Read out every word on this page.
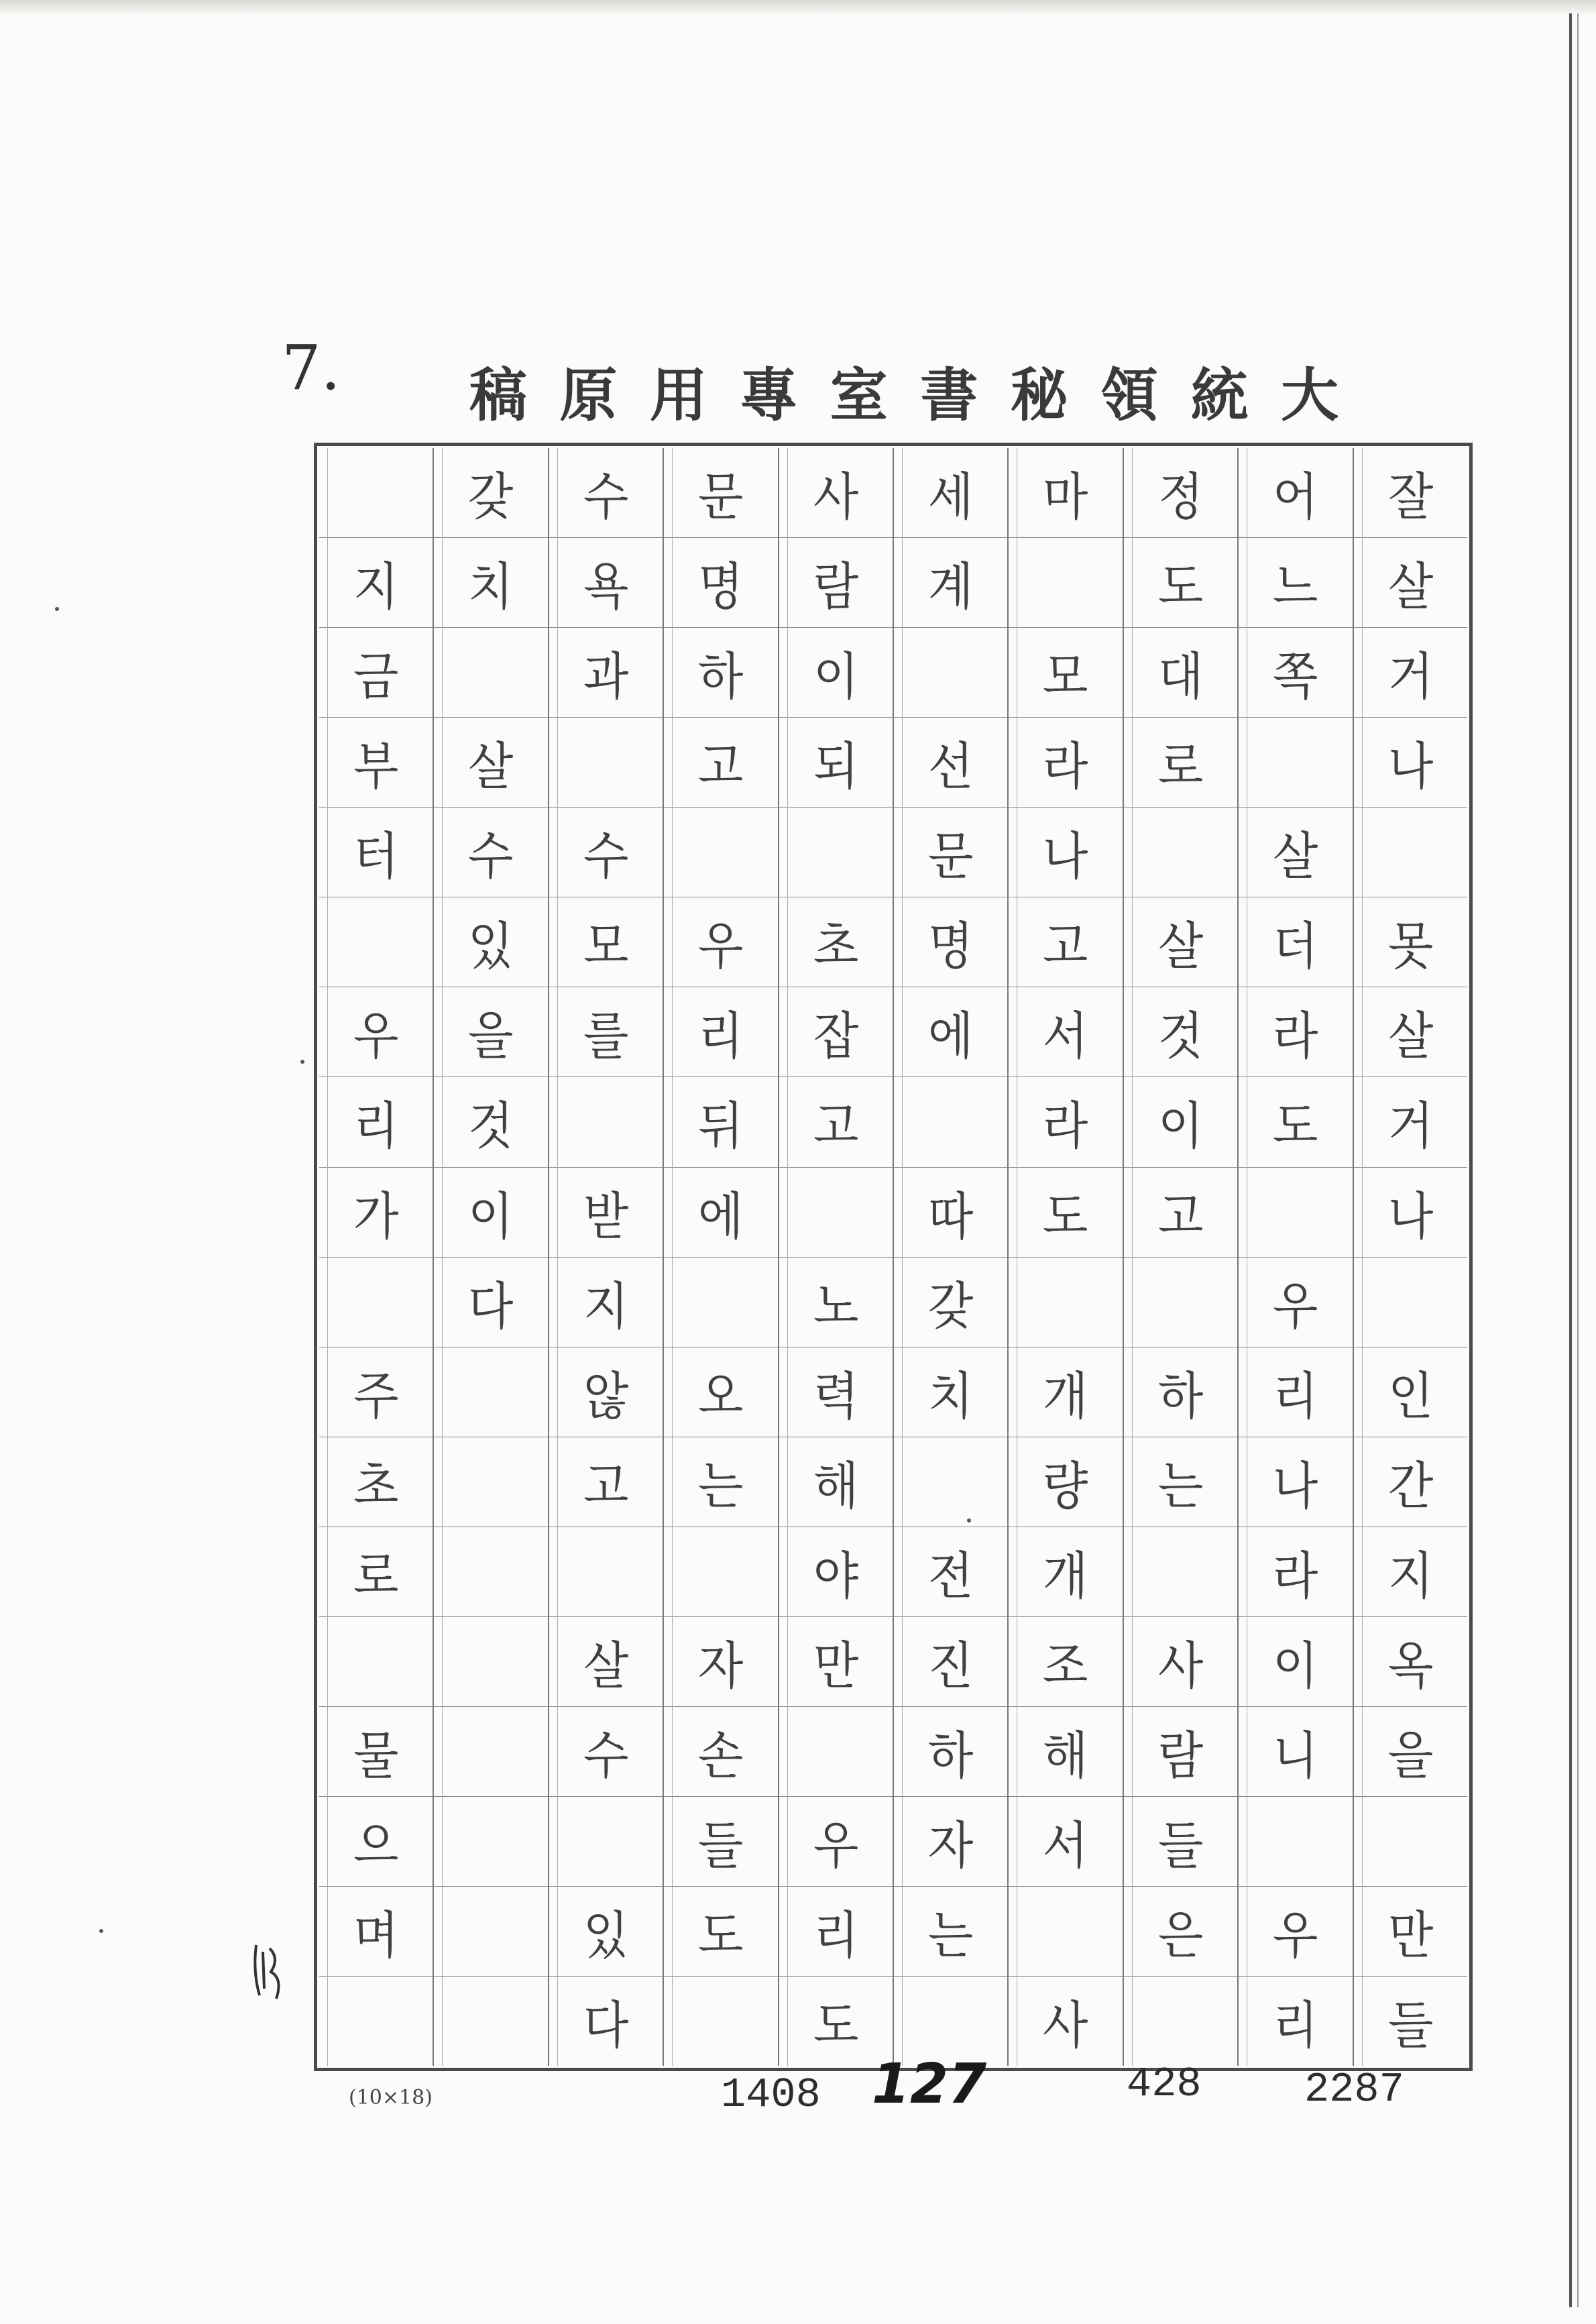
7. 稿 原 用 專 室 書 秘 領 統 大
잘
살
거
나
못
살
거
나
인
간
지
옥
을
만
들
어
느
쪽
살
더
라
도
우
리
나
라
이
니
우
리
정
도
대
로
살
것
이
고
하
는
사
람
들
은
마
모
라
나
고
서
라
도
개
량
개
조
해
서
사
세
계
선
문
명
에
따
갖
치
전
진
하
자
는
사
람
이
되
초
잡
고
노
력
해
야
만
우
리
도
문
명
하
고
우
리
뒤
에
오
는
자
손
들
도
수
욕
과
수
모
를
받
지
않
고
살
수
있
다
갖
치
살
수
있
을
것
이
다
지
금
부
터
우
리
가
주
초
로
물
으
며
(10×18)	1408 127	428 2287
